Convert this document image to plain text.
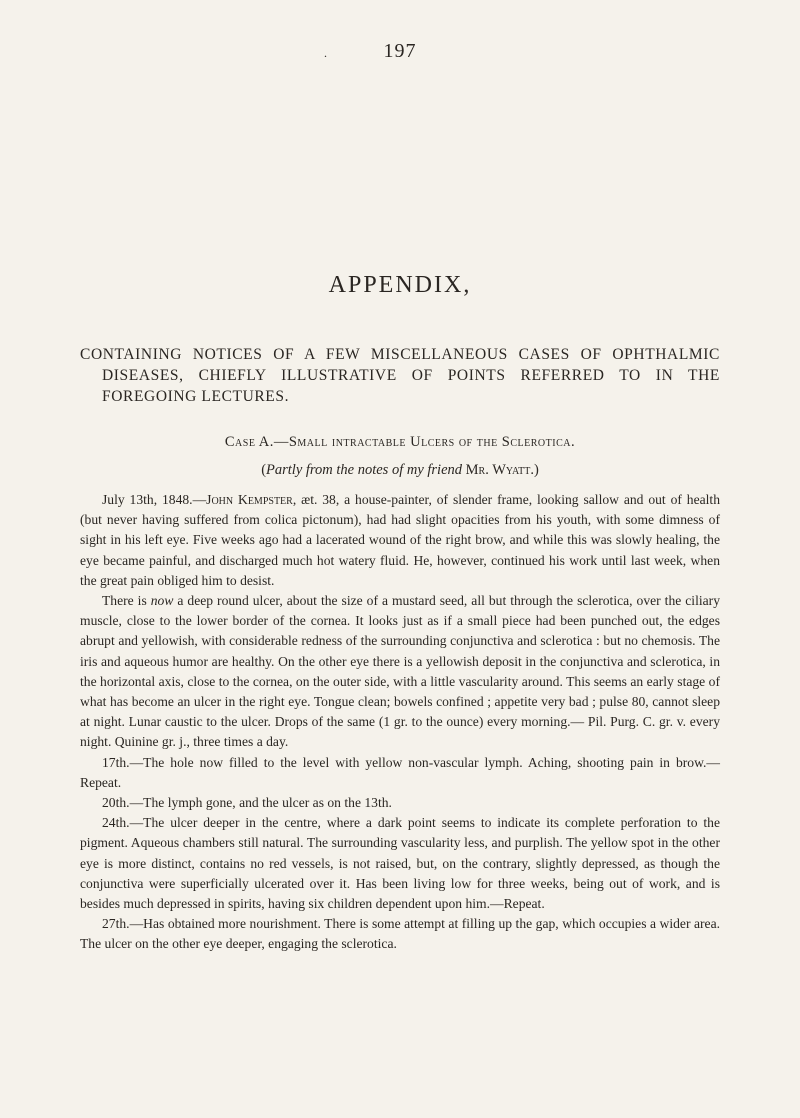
.	197
APPENDIX,
CONTAINING NOTICES OF A FEW MISCELLANEOUS CASES OF OPHTHALMIC DISEASES, CHIEFLY ILLUSTRATIVE OF POINTS REFERRED TO IN THE FOREGOING LECTURES.
Case A.—Small intractable Ulcers of the Sclerotica.
(Partly from the notes of my friend Mr. Wyatt.)

July 13th, 1848.—John Kempster, æt. 38, a house-painter, of slender frame, looking sallow and out of health (but never having suffered from colica pictonum), had had slight opacities from his youth, with some dimness of sight in his left eye. Five weeks ago had a lacerated wound of the right brow, and while this was slowly healing, the eye became painful, and discharged much hot watery fluid. He, however, continued his work until last week, when the great pain obliged him to desist.

There is now a deep round ulcer, about the size of a mustard seed, all but through the sclerotica, over the ciliary muscle, close to the lower border of the cornea. It looks just as if a small piece had been punched out, the edges abrupt and yellowish, with considerable redness of the surrounding conjunctiva and sclerotica : but no chemosis. The iris and aqueous humor are healthy. On the other eye there is a yellowish deposit in the conjunctiva and sclerotica, in the horizontal axis, close to the cornea, on the outer side, with a little vascularity around. This seems an early stage of what has become an ulcer in the right eye. Tongue clean; bowels confined ; appetite very bad ; pulse 80, cannot sleep at night. Lunar caustic to the ulcer. Drops of the same (1 gr. to the ounce) every morning.— Pil. Purg. C. gr. v. every night. Quinine gr. j., three times a day.

17th.—The hole now filled to the level with yellow non-vascular lymph. Aching, shooting pain in brow.—Repeat.

20th.—The lymph gone, and the ulcer as on the 13th.

24th.—The ulcer deeper in the centre, where a dark point seems to indicate its complete perforation to the pigment. Aqueous chambers still natural. The surrounding vascularity less, and purplish. The yellow spot in the other eye is more distinct, contains no red vessels, is not raised, but, on the contrary, slightly depressed, as though the conjunctiva were superficially ulcerated over it. Has been living low for three weeks, being out of work, and is besides much depressed in spirits, having six children dependent upon him.—Repeat.

27th.—Has obtained more nourishment. There is some attempt at filling up the gap, which occupies a wider area. The ulcer on the other eye deeper, engaging the sclerotica.
